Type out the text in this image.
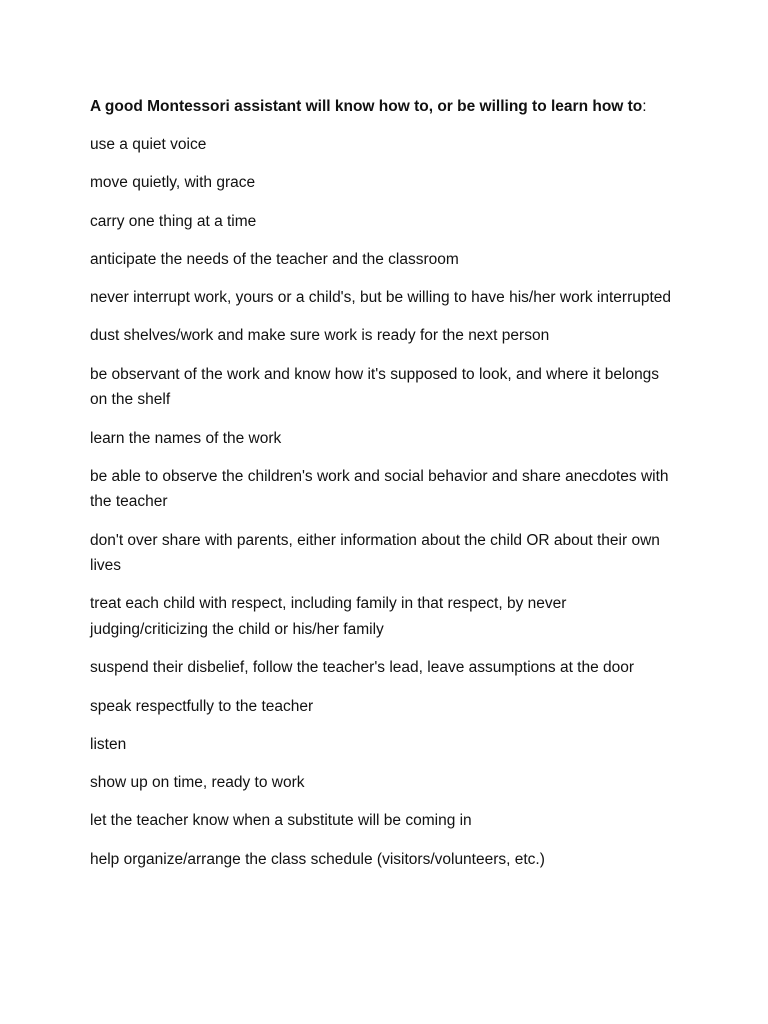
A good Montessori assistant will know how to, or be willing to learn how to:

use a quiet voice
move quietly, with grace
carry one thing at a time
anticipate the needs of the teacher and the classroom
never interrupt work, yours or a child's, but be willing to have his/her work interrupted
dust shelves/work and make sure work is ready for the next person
be observant of the work and know how it's supposed to look, and where it belongs on the shelf
learn the names of the work
be able to observe the children's work and social behavior and share anecdotes with the teacher
don't over share with parents, either information about the child OR about their own lives
treat each child with respect, including family in that respect, by never judging/criticizing the child or his/her family
suspend their disbelief, follow the teacher's lead, leave assumptions at the door
speak respectfully to the teacher
listen
show up on time, ready to work
let the teacher know when a substitute will be coming in
help organize/arrange the class schedule (visitors/volunteers, etc.)
